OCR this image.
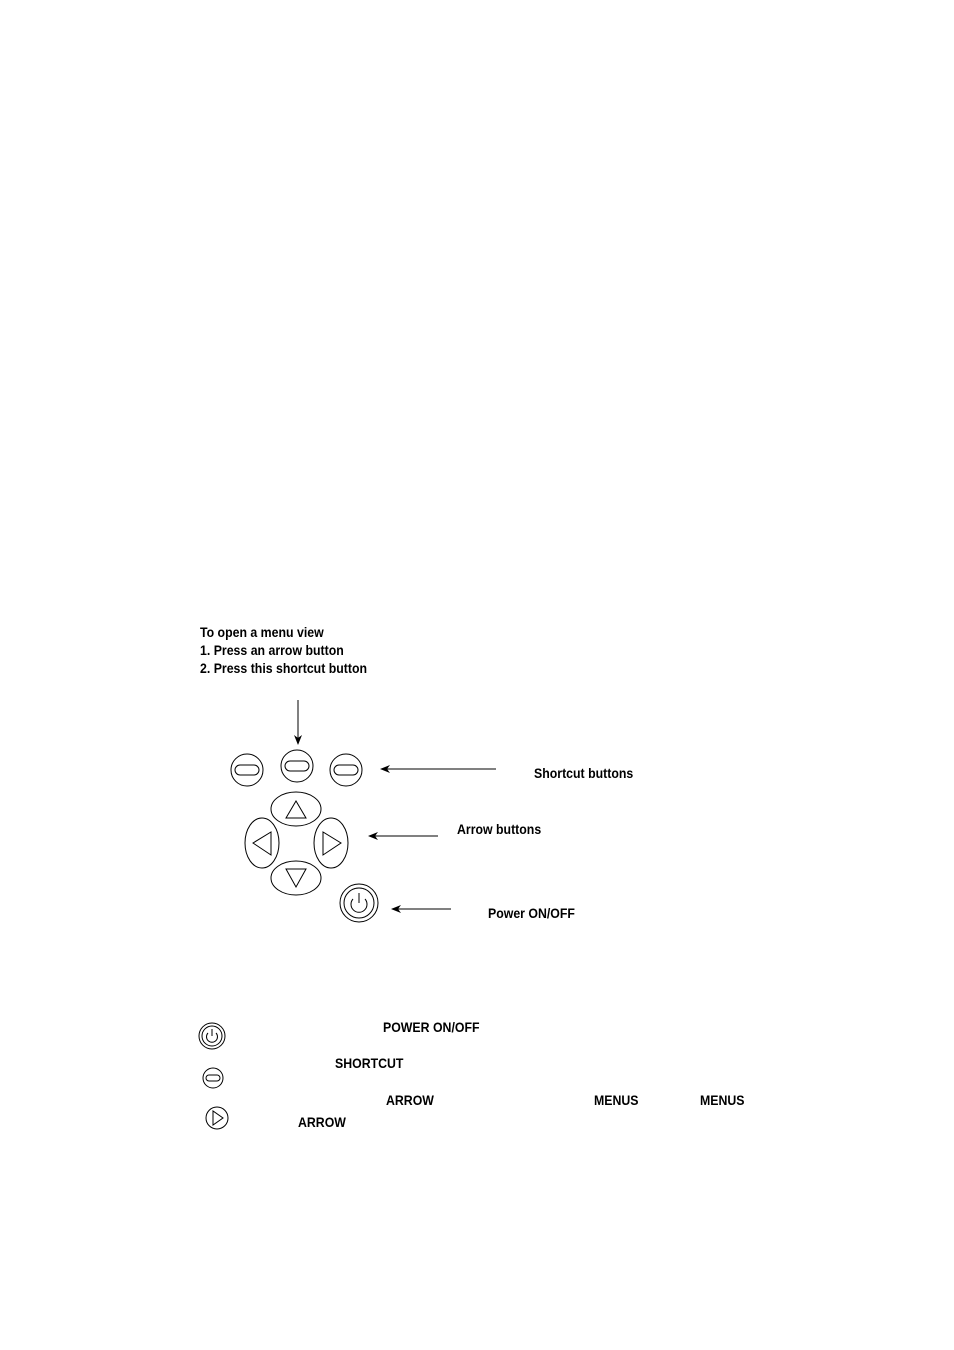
To open a menu view
1. Press an arrow button
2. Press this shortcut button
Shortcut buttons
Arrow buttons
Power ON/OFF
POWER ON/OFF
SHORTCUT
ARROW	MENUS	MENUS
ARROW
